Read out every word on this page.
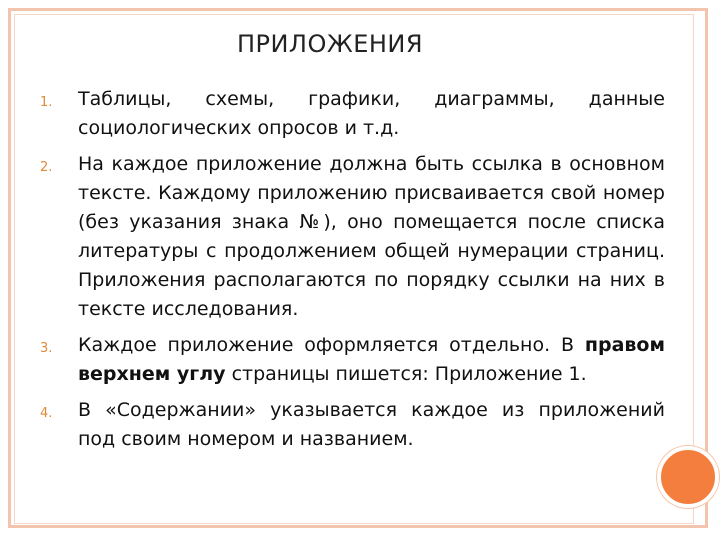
ПРИЛОЖЕНИЯ
1.	Таблицы, схемы, графики, диаграммы, данные социологических опросов и т.д.
2.	На каждое приложение должна быть ссылка в основном тексте. Каждому приложению присваивается свой номер (без указания знака №), оно помещается после списка литературы с продолжением общей нумерации страниц. Приложения располагаются по порядку ссылки на них в тексте исследования.
3.	Каждое приложение оформляется отдельно. В правом верхнем углу страницы пишется: Приложение 1.
4.	В «Содержании» указывается каждое из приложений под своим номером и названием.
